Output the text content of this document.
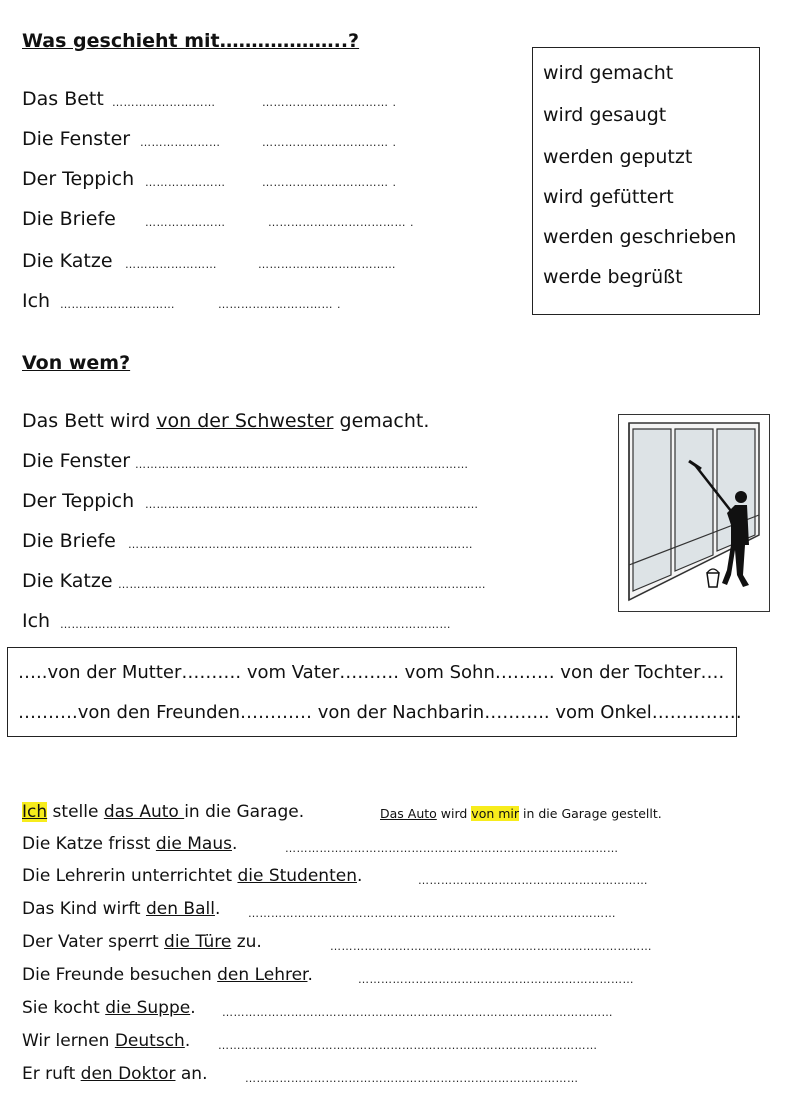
Was geschieht mit………………..?
Das Bett ………………………	…………………………… .
Die Fenster …………………	…………………………… .
Der Teppich …………………	…………………………… .
Die Briefe	…………………	……………………………… .
Die Katze ……………………	………………………………
Ich …………………………	………………………… .
wird gemacht
wird gesaugt
werden geputzt
wird gefüttert
werden geschrieben
werde begrüßt
Von wem?
Das Bett wird von der Schwester gemacht.
Die Fenster ……………………………………………………………………………
Der Teppich ……………………………………………………………………………
Die Briefe ………………………………………………………………………………
Die Katze ……………………………………………………………………………………
Ich …………………………………………………………………………………………
…..von der Mutter………. vom Vater………. vom Sohn………. von der Tochter….
……….von den Freunden………… von der Nachbarin……….. vom Onkel……………
Ich stelle das Auto in die Garage.	Das Auto wird von mir in die Garage gestellt.
Die Katze frisst die Maus.	……………………………………………………………………………
Die Lehrerin unterrichtet die Studenten.	……………………………………………………
Das Kind wirft den Ball.	……………………………………………………………………………………
Der Vater sperrt die Türe zu.	…………………………………………………………………………
Die Freunde besuchen den Lehrer.	………………………………………………………………
Sie kocht die Suppe. …………………………………………………………………………………………
Wir lernen Deutsch.	………………………………………………………………………………………
Er ruft den Doktor an.	……………………………………………………………………………
